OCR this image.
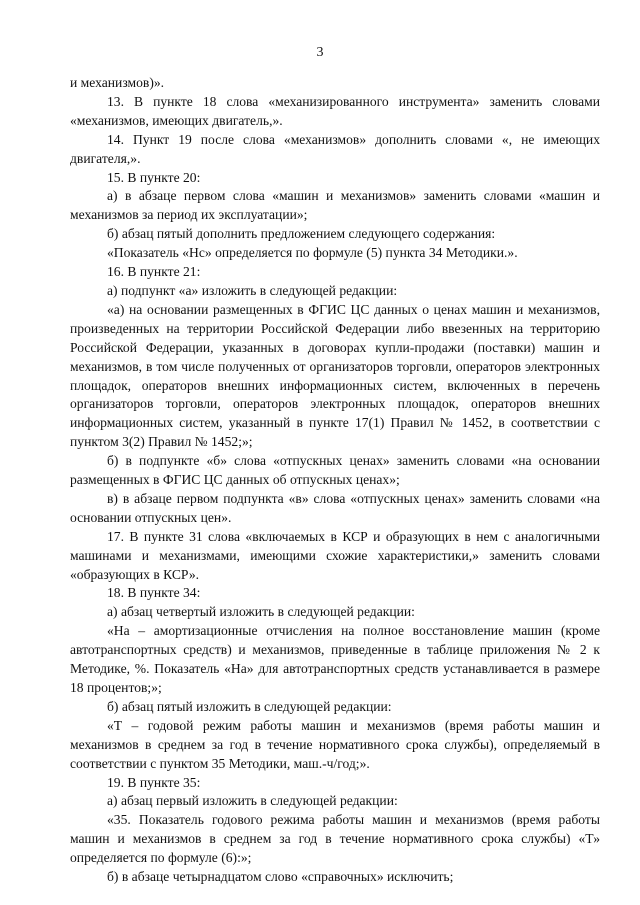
3

и механизмов)».

13. В пункте 18 слова «механизированного инструмента» заменить словами «механизмов, имеющих двигатель,».

14. Пункт 19 после слова «механизмов» дополнить словами «, не имеющих двигателя,».

15. В пункте 20:

а) в абзаце первом слова «машин и механизмов» заменить словами «машин и механизмов за период их эксплуатации»;

б) абзац пятый дополнить предложением следующего содержания:

«Показатель «Нс» определяется по формуле (5) пункта 34 Методики.».

16. В пункте 21:

а) подпункт «а» изложить в следующей редакции:

«а) на основании размещенных в ФГИС ЦС данных о ценах машин и механизмов, произведенных на территории Российской Федерации либо ввезенных на территорию Российской Федерации, указанных в договорах купли-продажи (поставки) машин и механизмов, в том числе полученных от организаторов торговли, операторов электронных площадок, операторов внешних информационных систем, включенных в перечень организаторов торговли, операторов электронных площадок, операторов внешних информационных систем, указанный в пункте 17(1) Правил № 1452, в соответствии с пунктом 3(2) Правил № 1452;»;

б) в подпункте «б» слова «отпускных ценах» заменить словами «на основании размещенных в ФГИС ЦС данных об отпускных ценах»;

в) в абзаце первом подпункта «в» слова «отпускных ценах» заменить словами «на основании отпускных цен».

17. В пункте 31 слова «включаемых в КСР и образующих в нем с аналогичными машинами и механизмами, имеющими схожие характеристики,» заменить словами «образующих в КСР».

18. В пункте 34:

а) абзац четвертый изложить в следующей редакции:

«На – амортизационные отчисления на полное восстановление машин (кроме автотранспортных средств) и механизмов, приведенные в таблице приложения № 2 к Методике, %. Показатель «На» для автотранспортных средств устанавливается в размере 18 процентов;»;

б) абзац пятый изложить в следующей редакции:

«Т – годовой режим работы машин и механизмов (время работы машин и механизмов в среднем за год в течение нормативного срока службы), определяемый в соответствии с пунктом 35 Методики, маш.-ч/год;».

19. В пункте 35:

а) абзац первый изложить в следующей редакции:

«35. Показатель годового режима работы машин и механизмов (время работы машин и механизмов в среднем за год в течение нормативного срока службы) «Т» определяется по формуле (6):»;

б) в абзаце четырнадцатом слово «справочных» исключить;
